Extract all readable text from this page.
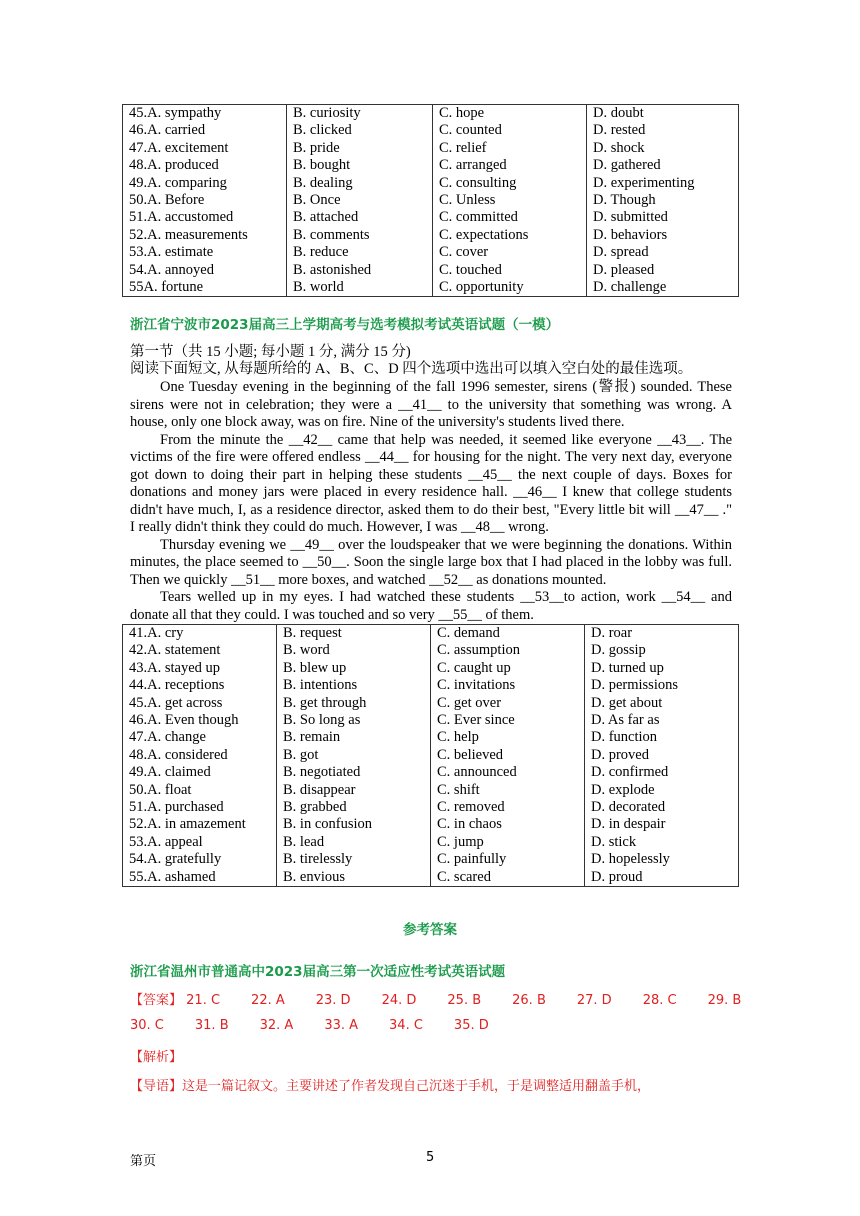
45.A. sympathy	B. curiosity	C. hope	D. doubt
46.A. carried	B. clicked	C. counted	D. rested
47.A. excitement	B. pride	C. relief	D. shock
48.A. produced	B. bought	C. arranged	D. gathered
49.A. comparing	B. dealing	C. consulting	D. experimenting
50.A. Before	B. Once	C. Unless	D. Though
51.A. accustomed	B. attached	C. committed	D. submitted
52.A. measurements	B. comments	C. expectations	D. behaviors
53.A. estimate	B. reduce	C. cover	D. spread
54.A. annoyed	B. astonished	C. touched	D. pleased
55A. fortune	B. world	C. opportunity	D. challenge
浙江省宁波市2023届高三上学期高考与选考模拟考试英语试题（一模）
第一节（共 15 小题; 每小题 1 分, 满分 15 分)
阅读下面短文, 从每题所给的 A、B、C、D 四个选项中选出可以填入空白处的最佳选项。

One Tuesday evening in the beginning of the fall 1996 semester, sirens (警报) sounded. These sirens were not in celebration; they were a __41__ to the university that something was wrong. A house, only one block away, was on fire. Nine of the university's students lived there.

From the minute the __42__ came that help was needed, it seemed like everyone __43__. The victims of the fire were offered endless __44__ for housing for the night. The very next day, everyone got down to doing their part in helping these students __45__ the next couple of days. Boxes for donations and money jars were placed in every residence hall. __46__ I knew that college students didn't have much, I, as a residence director, asked them to do their best, "Every little bit will __47__ ." I really didn't think they could do much. However, I was __48__ wrong.

Thursday evening we __49__ over the loudspeaker that we were beginning the donations. Within minutes, the place seemed to __50__. Soon the single large box that I had placed in the lobby was full. Then we quickly __51__ more boxes, and watched __52__ as donations mounted.

Tears welled up in my eyes. I had watched these students __53__to action, work __54__ and donate all that they could. I was touched and so very __55__ of them.

41.A. cry	B. request	C. demand	D. roar
42.A. statement	B. word	C. assumption	D. gossip
43.A. stayed up	B. blew up	C. caught up	D. turned up
44.A. receptions	B. intentions	C. invitations	D. permissions
45.A. get across	B. get through	C. get over	D. get about
46.A. Even though	B. So long as	C. Ever since	D. As far as
47.A. change	B. remain	C. help	D. function
48.A. considered	B. got	C. believed	D. proved
49.A. claimed	B. negotiated	C. announced	D. confirmed
50.A. float	B. disappear	C. shift	D. explode
51.A. purchased	B. grabbed	C. removed	D. decorated
52.A. in amazement	B. in confusion	C. in chaos	D. in despair
53.A. appeal	B. lead	C. jump	D. stick
54.A. gratefully	B. tirelessly	C. painfully	D. hopelessly
55.A. ashamed	B. envious	C. scared	D. proud
参考答案
浙江省温州市普通高中2023届高三第一次适应性考试英语试题
【答案】 21. C 22. A 23. D 24. D 25. B 26. B 27. D 28. C 29. B
30. C 31. B 32. A 33. A 34. C 35. D
【解析】
【导语】这是一篇记叙文。主要讲述了作者发现自己沉迷于手机，于是调整适用翻盖手机，
第页	5
